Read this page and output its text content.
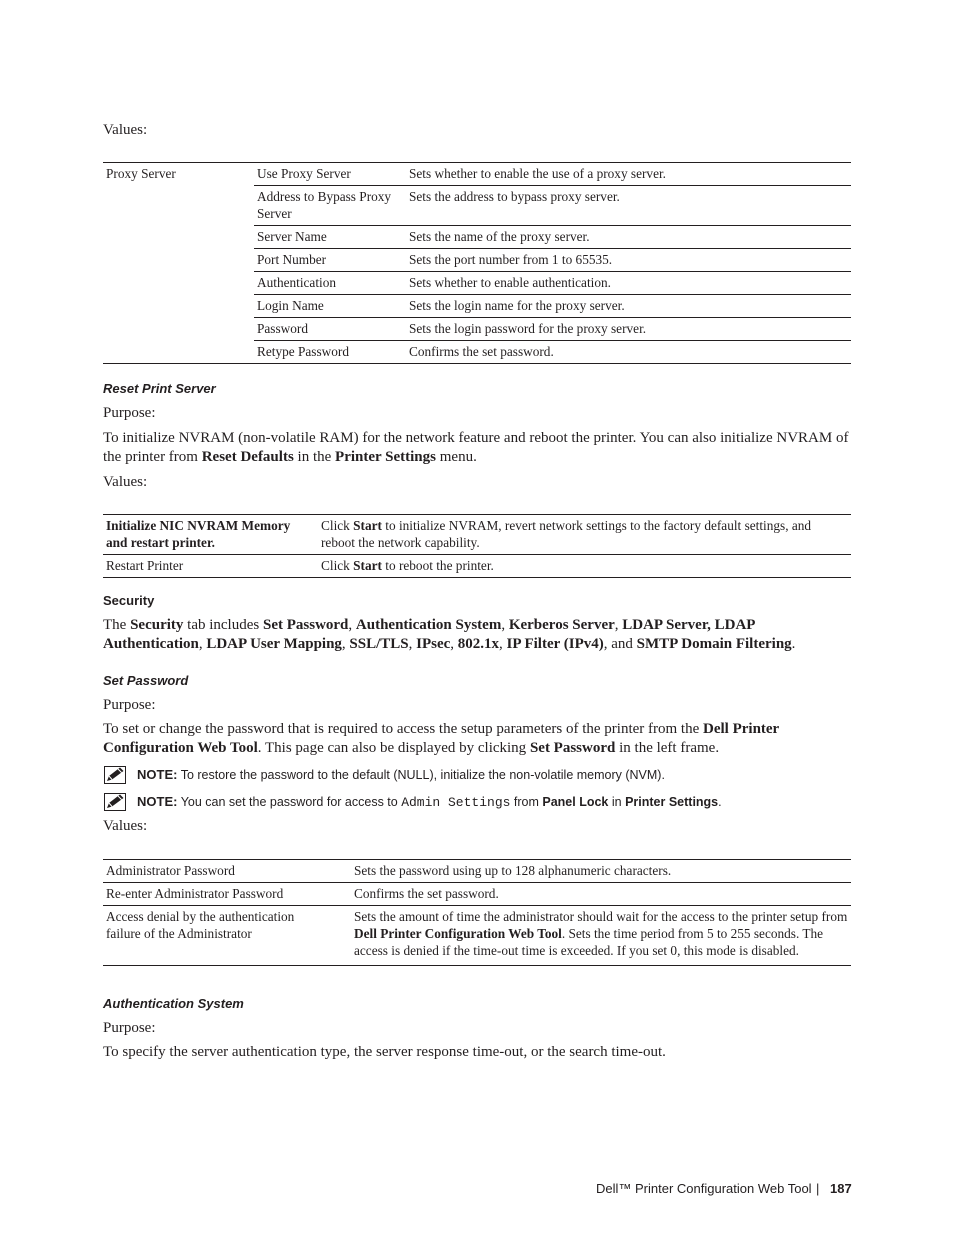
Values:
Proxy Server	Use Proxy Server	Sets whether to enable the use of a proxy server.
	Address to Bypass Proxy Server	Sets the address to bypass proxy server.
	Server Name	Sets the name of the proxy server.
	Port Number	Sets the port number from 1 to 65535.
	Authentication	Sets whether to enable authentication.
	Login Name	Sets the login name for the proxy server.
	Password	Sets the login password for the proxy server.
	Retype Password	Confirms the set password.
Reset Print Server
Purpose:
To initialize NVRAM (non-volatile RAM) for the network feature and reboot the printer. You can also initialize NVRAM of the printer from Reset Defaults in the Printer Settings menu.
Values:
Initialize NIC NVRAM Memory and restart printer.	Click Start to initialize NVRAM, revert network settings to the factory default settings, and reboot the network capability.
Restart Printer	Click Start to reboot the printer.
Security
The Security tab includes Set Password, Authentication System, Kerberos Server, LDAP Server, LDAP Authentication, LDAP User Mapping, SSL/TLS, IPsec, 802.1x, IP Filter (IPv4), and SMTP Domain Filtering.
Set Password
Purpose:
To set or change the password that is required to access the setup parameters of the printer from the Dell Printer Configuration Web Tool. This page can also be displayed by clicking Set Password in the left frame.
NOTE: To restore the password to the default (NULL), initialize the non-volatile memory (NVM).
NOTE: You can set the password for access to Admin Settings from Panel Lock in Printer Settings.
Values:
Administrator Password	Sets the password using up to 128 alphanumeric characters.
Re-enter Administrator Password	Confirms the set password.
Access denial by the authentication failure of the Administrator	Sets the amount of time the administrator should wait for the access to the printer setup from Dell Printer Configuration Web Tool. Sets the time period from 5 to 255 seconds. The access is denied if the time-out time is exceeded. If you set 0, this mode is disabled.
Authentication System
Purpose:
To specify the server authentication type, the server response time-out, or the search time-out.
Dell™ Printer Configuration Web Tool | 187
